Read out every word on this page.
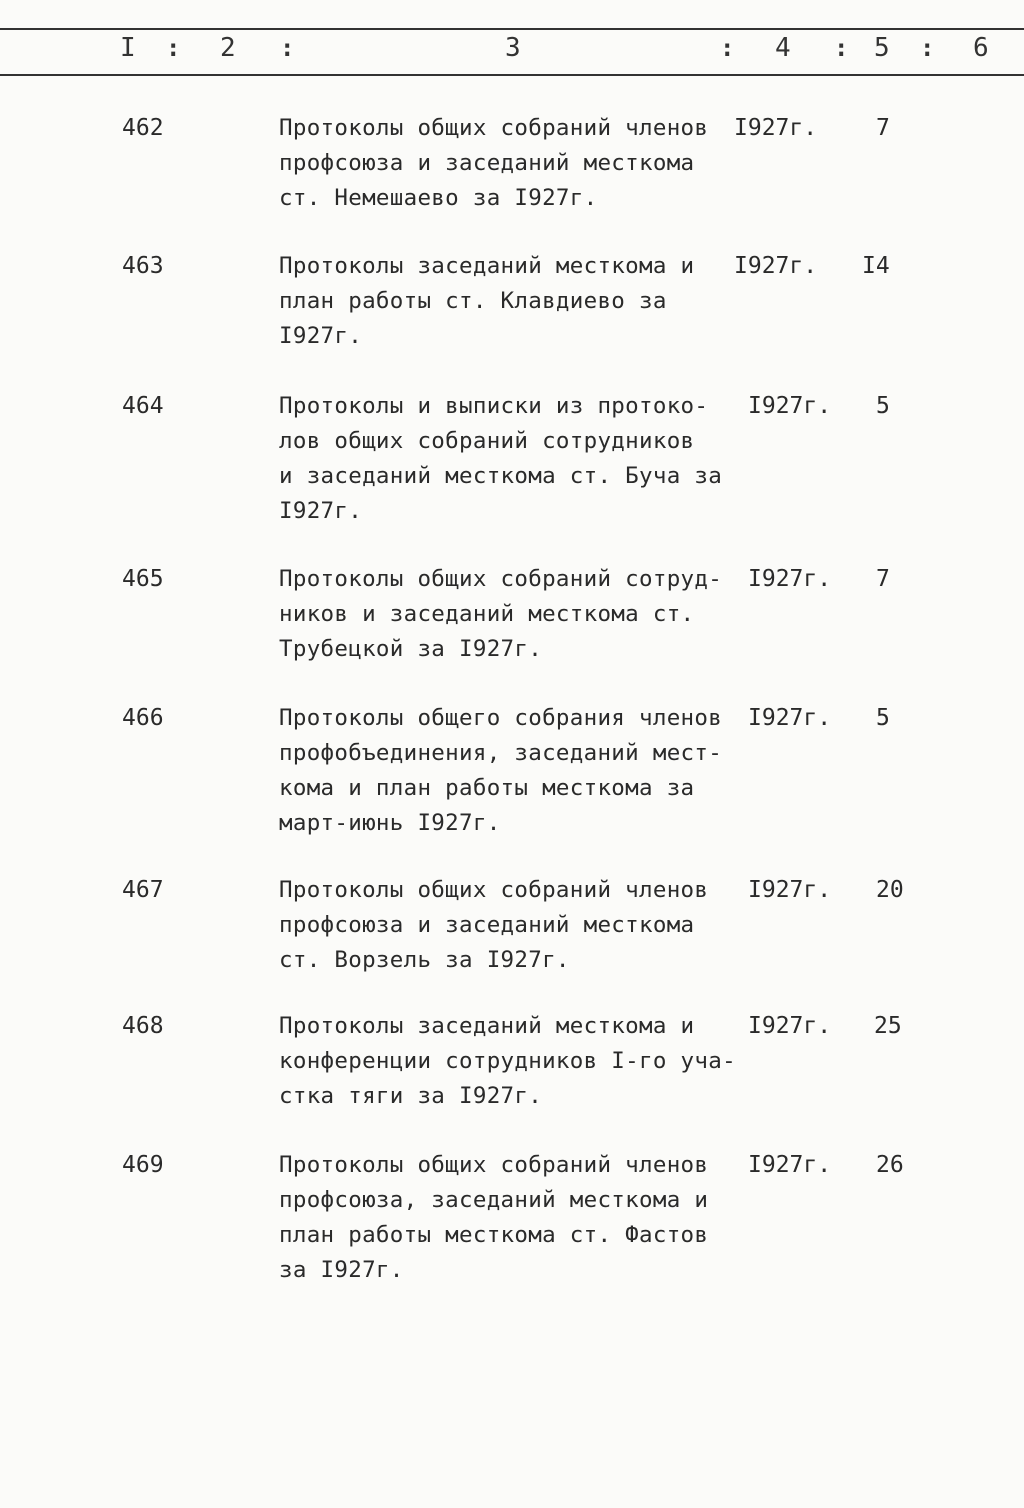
I : 2 :	3	: 4 : 5 : 6
462	Протоколы общих собраний членов
профсоюза и заседаний месткома
ст. Немешаево за I927г.
I927г.	7
463	Протоколы заседаний месткома и
план работы ст. Клавдиево за
I927г.
I927г. I4
464	Протоколы и выписки из протоко-
лов общих собраний сотрудников
и заседаний месткома ст. Буча за
I927г.
I927г. 5
465	Протоколы общих собраний сотруд-
ников и заседаний месткома ст.
Трубецкой за I927г.
I927г. 7
466	Протоколы общего собрания членов
профобъединения, заседаний мест-
кома и план работы месткома за
март-июнь I927г.
I927г. 5
467	Протоколы общих собраний членов
профсоюза и заседаний месткома
ст. Ворзель за I927г.
I927г. 20
468	Протоколы заседаний месткома и
конференции сотрудников I-го уча-
стка тяги за I927г.
I927г. 25
469	Протоколы общих собраний членов
профсоюза, заседаний месткома и
план работы месткома ст. Фастов
за I927г.
I927г. 26
